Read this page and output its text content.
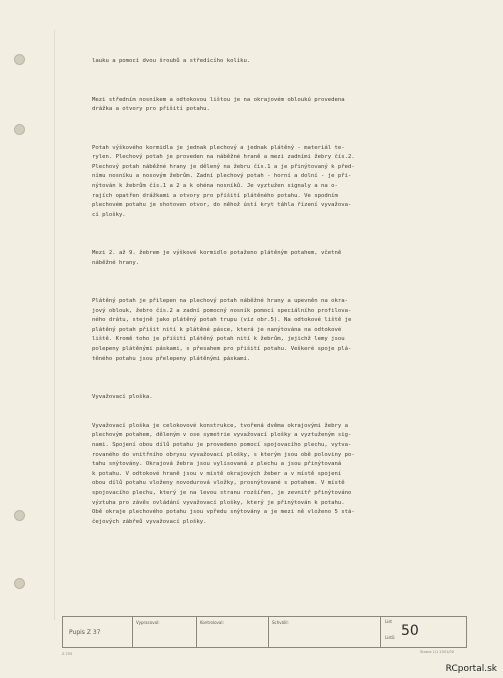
lauku a pomocí dvou šroubů a středícího kolíku.

Mezi středním nosníkem a odtokovou lištou je na okrajovém obloukú provedena
drážka a otvory pro přišití potahu.

Potah výškového kormidla je jednak plechový a jednak plátěný - materiál te-
rylen. Plechový potah je proveden na náběžné hraně a mezi zadními žebry čís.2.
Plechový potah náběžné hrany je dělený na žebru čís.1 a je přinýtovaný k před-
nímu nosníku a nosovým žebrům. Zadní plechový potah - horní a dolní - je při-
nýtován k žebrům čís.1 a 2 a k ohéna nosníků. Je vyztužen signaly a na o-
rajích opatřen drážkami a otvory pro přišití plátěného potahu. Ve spodním
plechovém potahu je shotoven otvor, do něhož ústí kryt táhla řízení vyvažova-
cí plošky.

Mezi 2. až 9. žebrem je výškové kormidlo potaženo plátěným potahem, včetně
náběžné hrany.

Plátěný potah je přilepen na plechový potah náběžné hrany a upevněn na okra-
jový oblouk, žebro čís.2 a zadní pomocný nosník pomocí speciálního profilova-
ného drátu, stejně jako plátěný potah trupu (viz obr.5). Na odtokové liště je
plátěný potah přišit nití k plátěné pásce, která je nanýtována na odtokové
liště. Kromě toho je přišití plátěný potah nití k žebrům, jejichž lemy jsou
polepeny plátěnými páskami, s přesahem pro přišití potahu. Veškeré spoje plá-
těného potahu jsou přelepeny plátěnými páskami.

Vyvažovací ploška.

Vyvažovací ploška je celokovové konstrukce, tvořená dvěma okrajovými žebry a
plechovým potahem, děleným v ose symetrie vyvažovací plošky a vyztuženým sig-
nami. Spojení obou dílů potahu je provedeno pomocí spojovacího plechu, vytva-
rovaného do vnitřního obrysu vyvažovací plošky, s kterým jsou obě poloviny po-
tahu snýtovány. Okrajová žebra jsou vylisovaná z plechu a jsou přinýtovaná
k potahu. V odtokové hraně jsou v místě okrajových žeber a v místě spojení
obou dílů potahu vloženy novodurová vložky, prosnýtované s potahem. V místě
spojovacího plechu, který je na levou stranu rozšířen, je zevnitř přinýtováno
výztuha pro závěs ovládání vyvažovací plošky, který je přinýtován k potahu.
Obě okraje plechového potahu jsou vpředu snýtovány a je mezi ně vloženo 5 stá-
čejových zábřeů vyvažovací plošky.

Pupis Z 37
Vypracoval:	Kontroloval:	Schválil:	List
Listů 50
Strana 1/1 2501/00
Z 255
RCportal.sk
